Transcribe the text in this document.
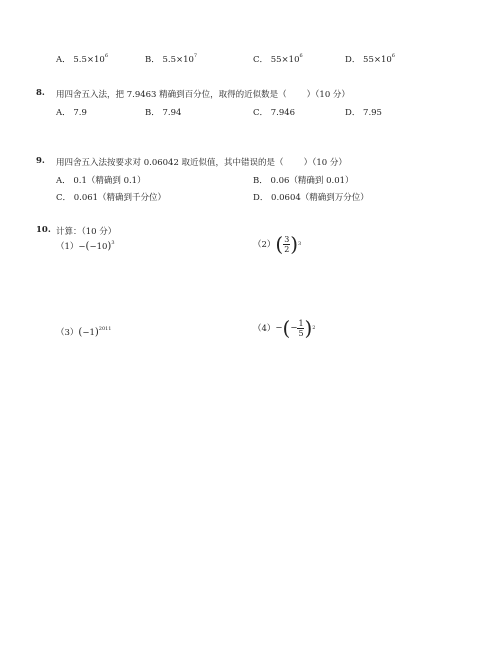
A． $5.5\times 10^6$	B． $5.5\times 10^7$	C． $55\times 10^6$	D． $55\times 10^6$
8. 用四舍五入法，把 7.9463 精确到百分位，取得的近似数是（ ）（10 分）
A． 7.9	B． 7.94	C． 7.946	D． 7.95
9. 用四舍五入法按要求对 0.06042 取近似值，其中错误的是（ ）（10 分）
A． 0.1（精确到 0.1）	B． 0.06（精确到 0.01）
C． 0.061（精确到千分位）	D． 0.0604（精确到万分位）
10. 计算：（10 分）
$(1)-(-10)^3$	（2） ( $\frac{3}{2}$ ) 3
$(3)(-1)^{2011}$	（4） − ( − $\frac{1}{5}$ ) 2
